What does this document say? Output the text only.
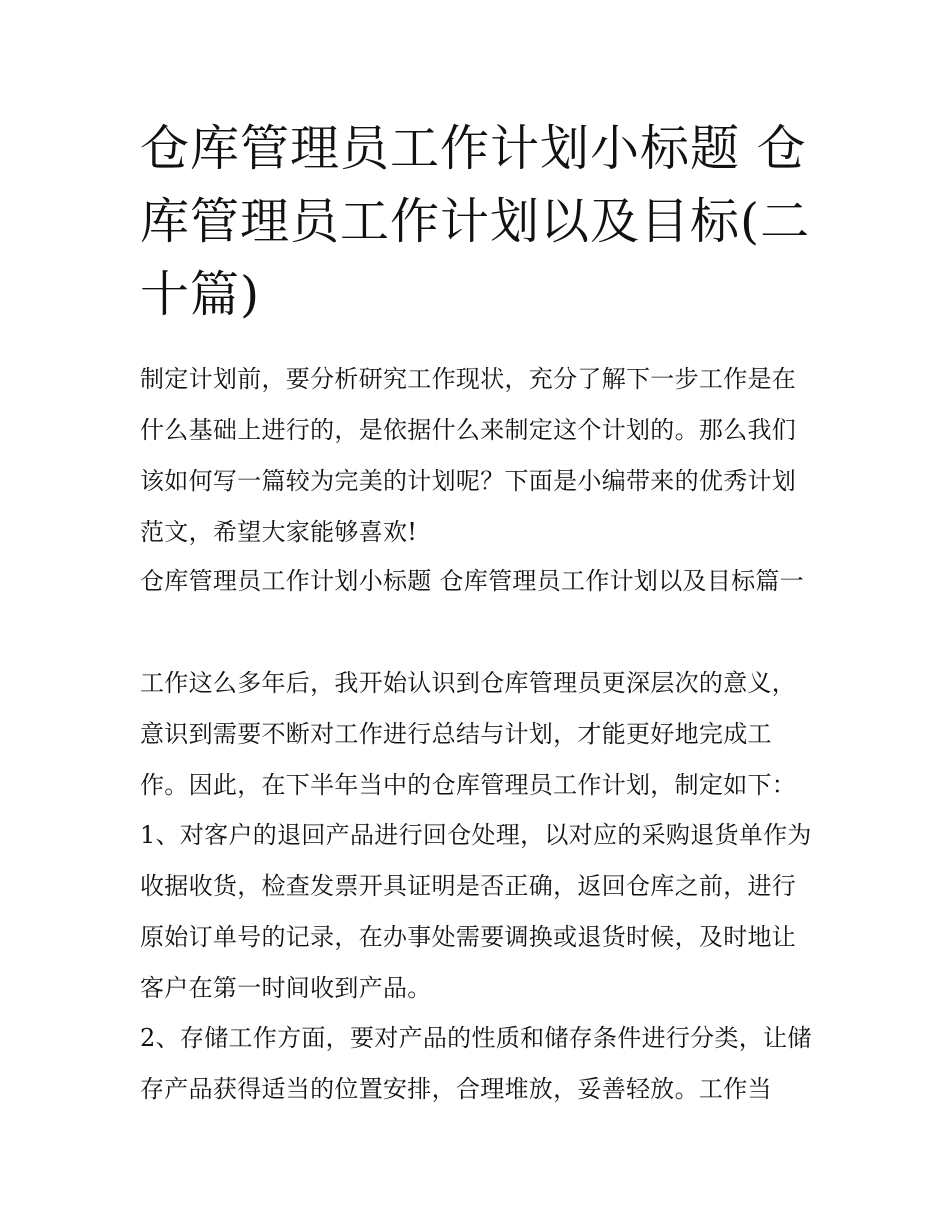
仓库管理员工作计划小标题 仓库管理员工作计划以及目标(二十篇)

制定计划前，要分析研究工作现状，充分了解下一步工作是在什么基础上进行的，是依据什么来制定这个计划的。那么我们该如何写一篇较为完美的计划呢？下面是小编带来的优秀计划范文，希望大家能够喜欢!

仓库管理员工作计划小标题 仓库管理员工作计划以及目标篇一

工作这么多年后，我开始认识到仓库管理员更深层次的意义，意识到需要不断对工作进行总结与计划，才能更好地完成工作。因此，在下半年当中的仓库管理员工作计划，制定如下：

1、对客户的退回产品进行回仓处理，以对应的采购退货单作为收据收货，检查发票开具证明是否正确，返回仓库之前，进行原始订单号的记录，在办事处需要调换或退货时候，及时地让客户在第一时间收到产品。

2、存储工作方面，要对产品的性质和储存条件进行分类，让储存产品获得适当的位置安排，合理堆放，妥善轻放。工作当
